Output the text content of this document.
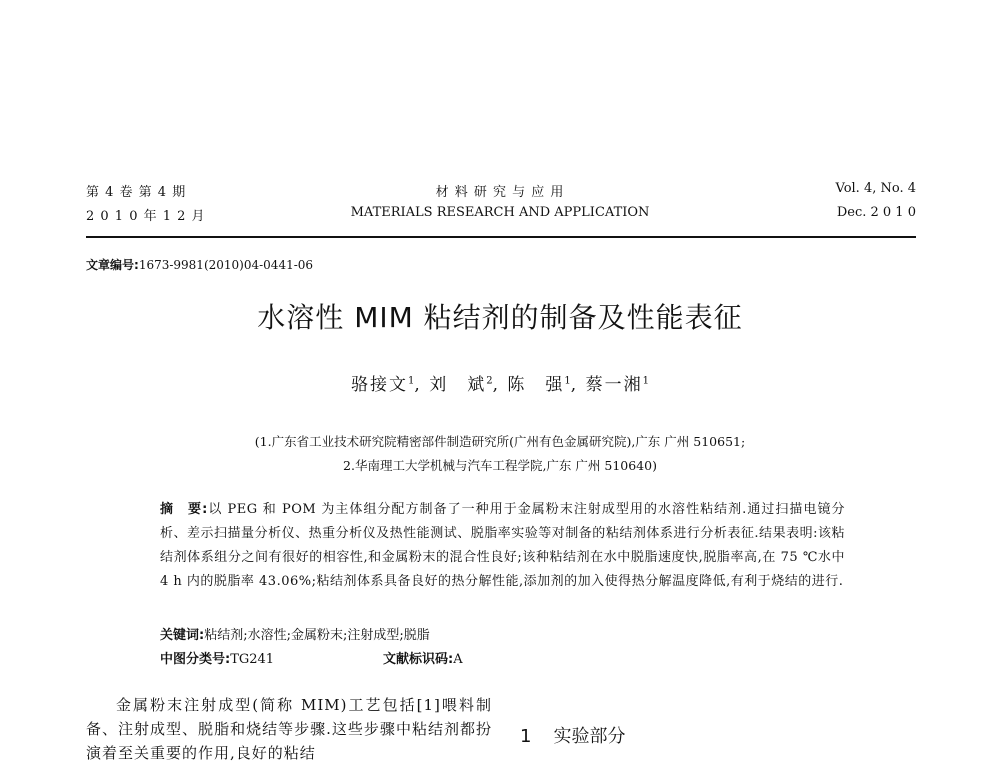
第 4 卷 第 4 期
2 0 1 0 年 1 2 月
材 料 研 究 与 应 用
MATERIALS RESEARCH AND APPLICATION
Vol. 4, No. 4
Dec. 2 0 1 0
文章编号:1673-9981(2010)04-0441-06
水溶性 MIM 粘结剂的制备及性能表征
骆接文$^1$, 刘　斌$^2$, 陈　强$^1$, 蔡一湘$^1$
(1.广东省工业技术研究院精密部件制造研究所(广州有色金属研究院),广东 广州 510651;
2.华南理工大学机械与汽车工程学院,广东 广州 510640)
摘　要:以 PEG 和 POM 为主体组分配方制备了一种用于金属粉末注射成型用的水溶性粘结剂.通过扫描电镜分析、差示扫描量分析仪、热重分析仪及热性能测试、脱脂率实验等对制备的粘结剂体系进行分析表征.结果表明:该粘结剂体系组分之间有很好的相容性,和金属粉末的混合性良好;该种粘结剂在水中脱脂速度快,脱脂率高,在 75 ℃水中 4 h 内的脱脂率 43.06%;粘结剂体系具备良好的热分解性能,添加剂的加入使得热分解温度降低,有利于烧结的进行.
关键词:粘结剂;水溶性;金属粉末;注射成型;脱脂
中图分类号:TG241	文献标识码:A
金属粉末注射成型(简称 MIM)工艺包括[1]喂料制备、注射成型、脱脂和烧结等步骤.这些步骤中粘结剂都扮演着至关重要的作用,良好的粘结
1 实验部分
